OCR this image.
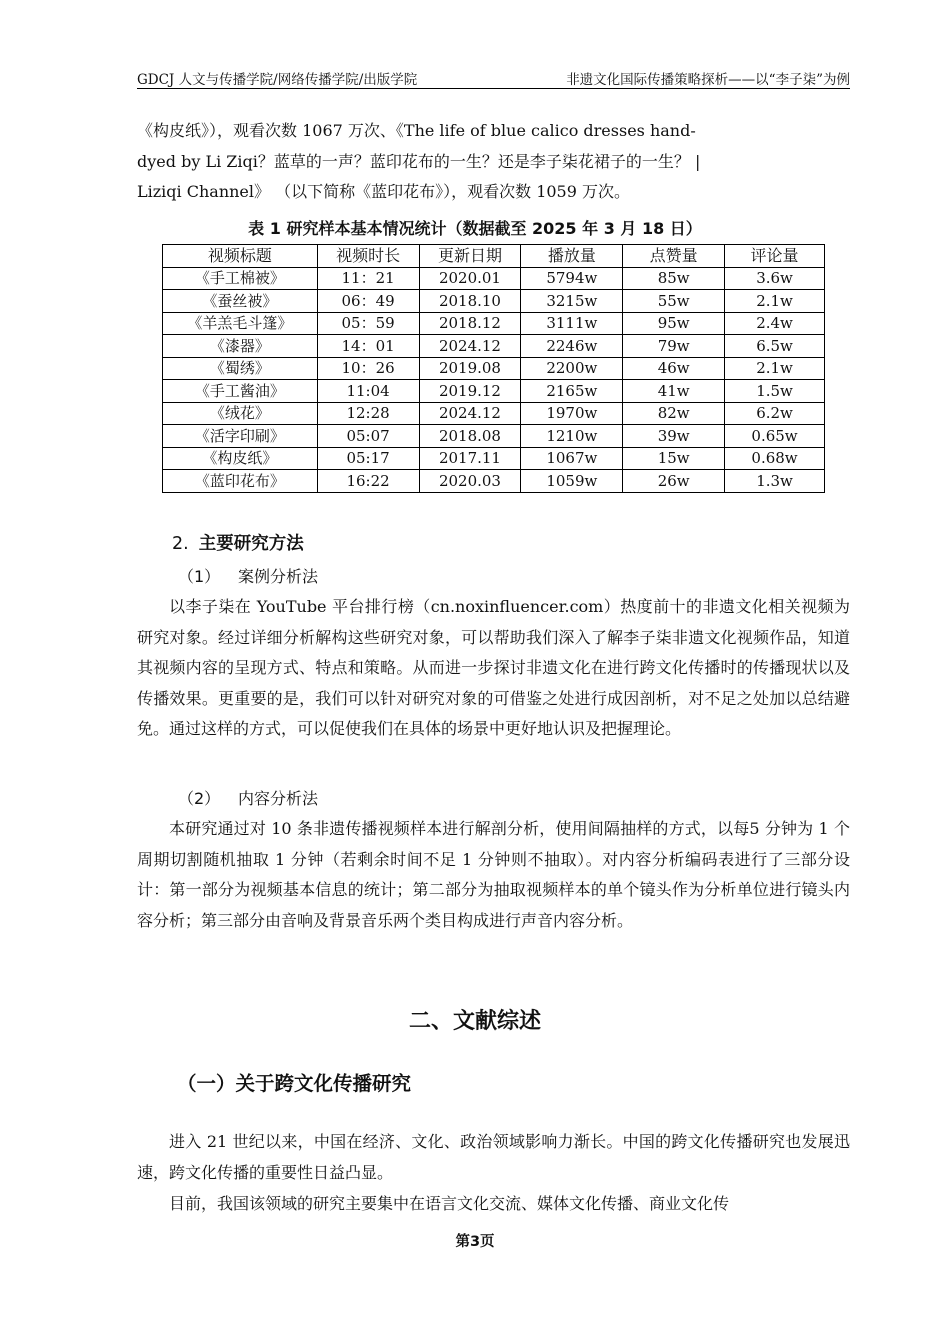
GDCJ 人文与传播学院/网络传播学院/出版学院	非遗文化国际传播策略探析——以“李子柒”为例
《构皮纸》），观看次数 1067 万次、《The life of blue calico dresses hand-
dyed by Li Ziqi？蓝草的一声？蓝印花布的一生？还是李子柒花裙子的一生？ |
Liziqi Channel》 （以下简称《蓝印花布》），观看次数 1059 万次。
表 1 研究样本基本情况统计（数据截至 2025 年 3 月 18 日）
视频标题	视频时长	更新日期	播放量	点赞量	评论量
《手工棉被》	11：21	2020.01	5794w	85w	3.6w
《蚕丝被》	06：49	2018.10	3215w	55w	2.1w
《羊羔毛斗篷》	05：59	2018.12	3111w	95w	2.4w
《漆器》	14：01	2024.12	2246w	79w	6.5w
《蜀绣》	10：26	2019.08	2200w	46w	2.1w
《手工酱油》	11:04	2019.12	2165w	41w	1.5w
《绒花》	12:28	2024.12	1970w	82w	6.2w
《活字印刷》	05:07	2018.08	1210w	39w	0.65w
《构皮纸》	05:17	2017.11	1067w	15w	0.68w
《蓝印花布》	16:22	2020.03	1059w	26w	1.3w
2. 主要研究方法
（1） 案例分析法
以李子柒在 YouTube 平台排行榜（cn.noxinfluencer.com）热度前十的非遗文化相关视频为研究对象。经过详细分析解构这些研究对象，可以帮助我们深入了解李子柒非遗文化视频作品，知道其视频内容的呈现方式、特点和策略。从而进一步探讨非遗文化在进行跨文化传播时的传播现状以及传播效果。更重要的是，我们可以针对研究对象的可借鉴之处进行成因剖析，对不足之处加以总结避免。通过这样的方式，可以促使我们在具体的场景中更好地认识及把握理论。
（2） 内容分析法
本研究通过对 10 条非遗传播视频样本进行解剖分析，使用间隔抽样的方式，以每5 分钟为 1 个周期切割随机抽取 1 分钟（若剩余时间不足 1 分钟则不抽取）。对内容分析编码表进行了三部分设计：第一部分为视频基本信息的统计；第二部分为抽取视频样本的单个镜头作为分析单位进行镜头内容分析；第三部分由音响及背景音乐两个类目构成进行声音内容分析。
二、文献综述
（一）关于跨文化传播研究
进入 21 世纪以来，中国在经济、文化、政治领域影响力渐长。中国的跨文化传播研究也发展迅速，跨文化传播的重要性日益凸显。
目前，我国该领域的研究主要集中在语言文化交流、媒体文化传播、商业文化传
第3页
